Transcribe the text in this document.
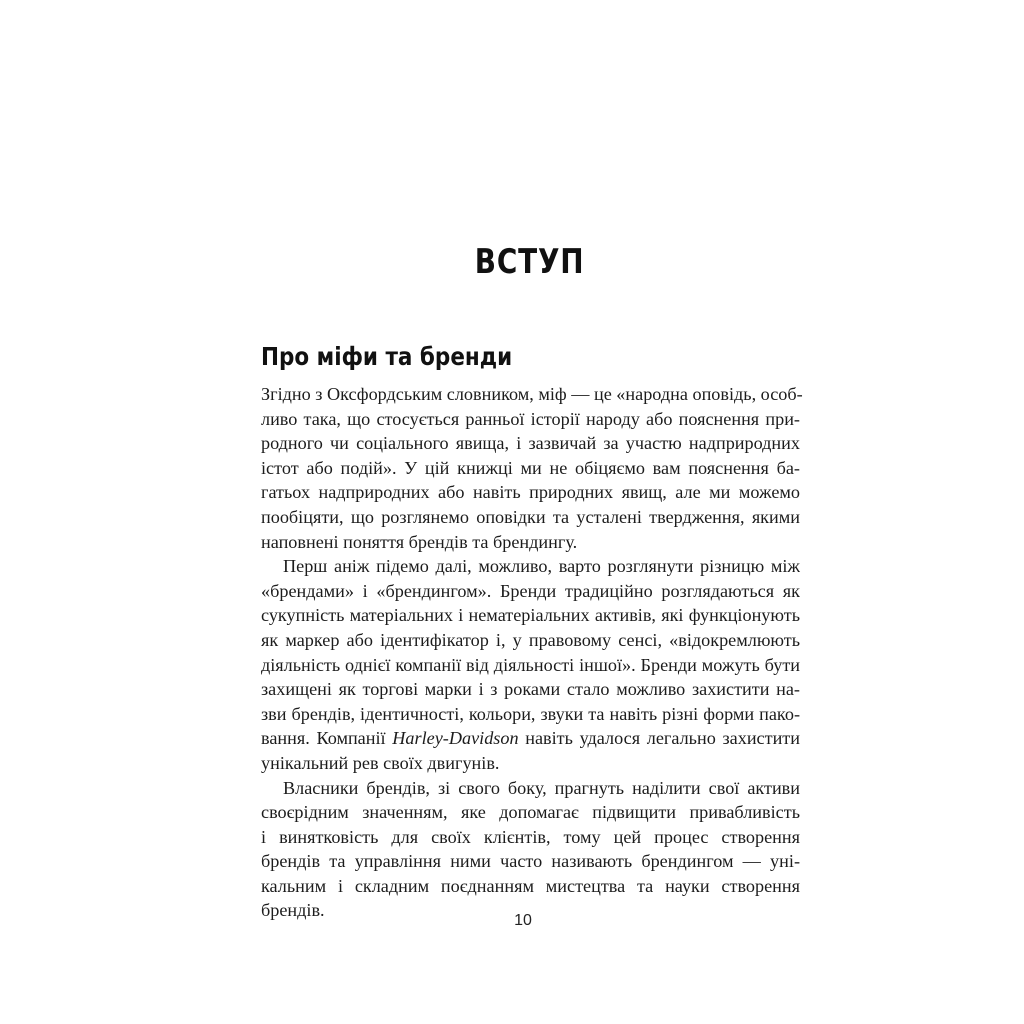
ВСТУП
Про міфи та бренди
Згідно з Оксфордським словником, міф — це «народна оповідь, особ-
ливо така, що стосується ранньої історії народу або пояснення при-
родного чи соціального явища, і зазвичай за участю надприродних
істот або подій». У цій книжці ми не обіцяємо вам пояснення ба-
гатьох надприродних або навіть природних явищ, але ми можемо
пообіцяти, що розглянемо оповідки та усталені твердження, якими
наповнені поняття брендів та брендингу.
Перш аніж підемо далі, можливо, варто розглянути різницю між
«брендами» і «брендингом». Бренди традиційно розглядаються як
сукупність матеріальних і нематеріальних активів, які функціонують
як маркер або ідентифікатор і, у правовому сенсі, «відокремлюють
діяльність однієї компанії від діяльності іншої». Бренди можуть бути
захищені як торгові марки і з роками стало можливо захистити на-
зви брендів, ідентичності, кольори, звуки та навіть різні форми пако-
вання. Компанії Harley-Davidson навіть удалося легально захистити
унікальний рев своїх двигунів.
Власники брендів, зі свого боку, прагнуть наділити свої активи
своєрідним значенням, яке допомагає підвищити привабливість
і винятковість для своїх клієнтів, тому цей процес створення
брендів та управління ними часто називають брендингом — уні-
кальним і складним поєднанням мистецтва та науки створення
брендів.
10
